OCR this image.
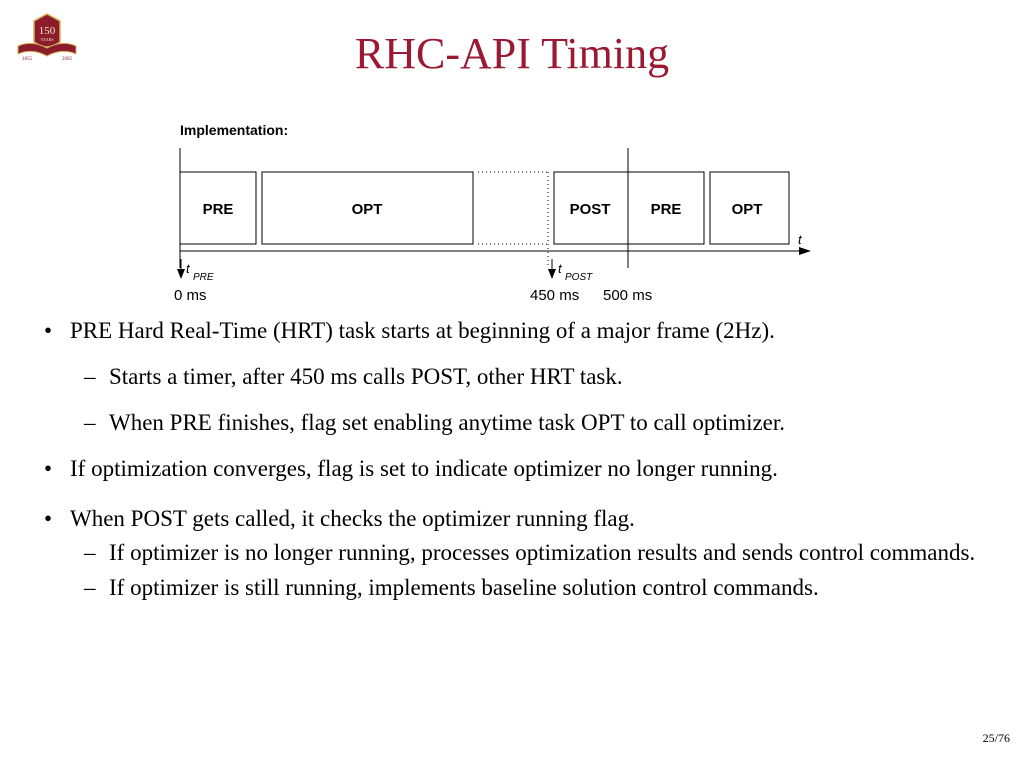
150
YEARS
1855	2005	RHC-API Timing
Implementation:
PRE	OPT	POST	PRE	OPT
t
t
PRE
t
POST
0 ms	450 ms 500 ms
• PRE Hard Real-Time (HRT) task starts at beginning of a major frame (2Hz).
– Starts a timer, after 450 ms calls POST, other HRT task.
– When PRE finishes, flag set enabling anytime task OPT to call optimizer.
• If optimization converges, flag is set to indicate optimizer no longer running.
• When POST gets called, it checks the optimizer running flag.
– If optimizer is no longer running, processes optimization results and sends control commands.
– If optimizer is still running, implements baseline solution control commands.
25/76
